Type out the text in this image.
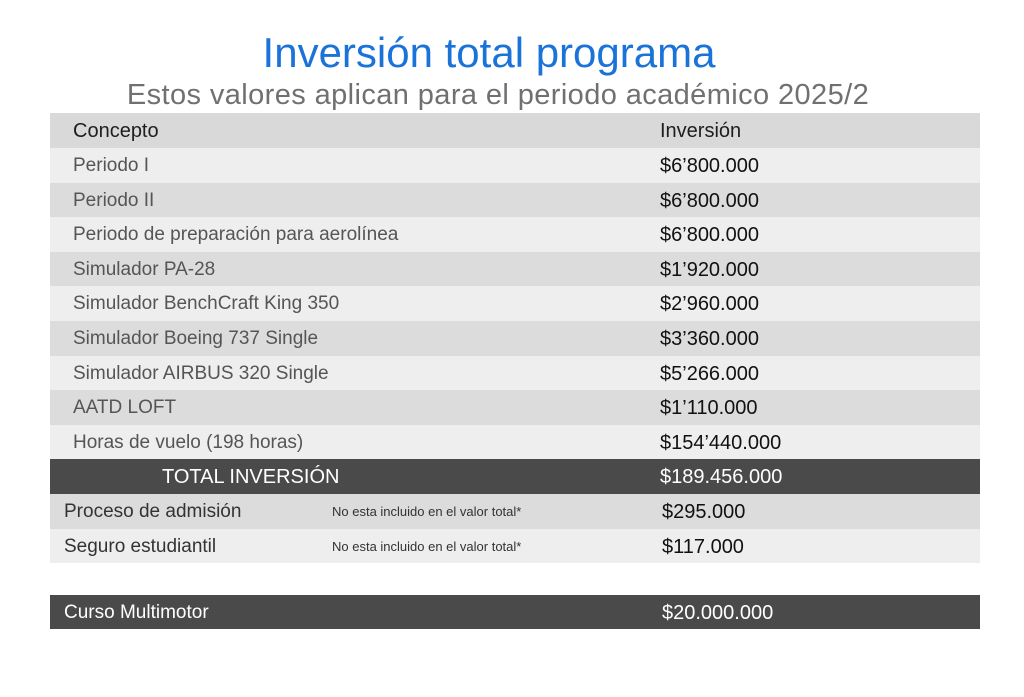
Inversión total programa
Estos valores aplican para el periodo académico 2025/2
Concepto	Inversión
Periodo I	$6’800.000
Periodo II	$6’800.000
Periodo de preparación para aerolínea	$6’800.000
Simulador PA-28	$1’920.000
Simulador BenchCraft King 350	$2’960.000
Simulador Boeing 737 Single	$3’360.000
Simulador AIRBUS 320 Single	$5’266.000
AATD LOFT	$1’110.000
Horas de vuelo (198 horas)	$154’440.000
TOTAL INVERSIÓN	$189.456.000
Proceso de admisión	No esta incluido en el valor total*	$295.000
Seguro estudiantil	No esta incluido en el valor total*	$117.000
Curso Multimotor	$20.000.000
